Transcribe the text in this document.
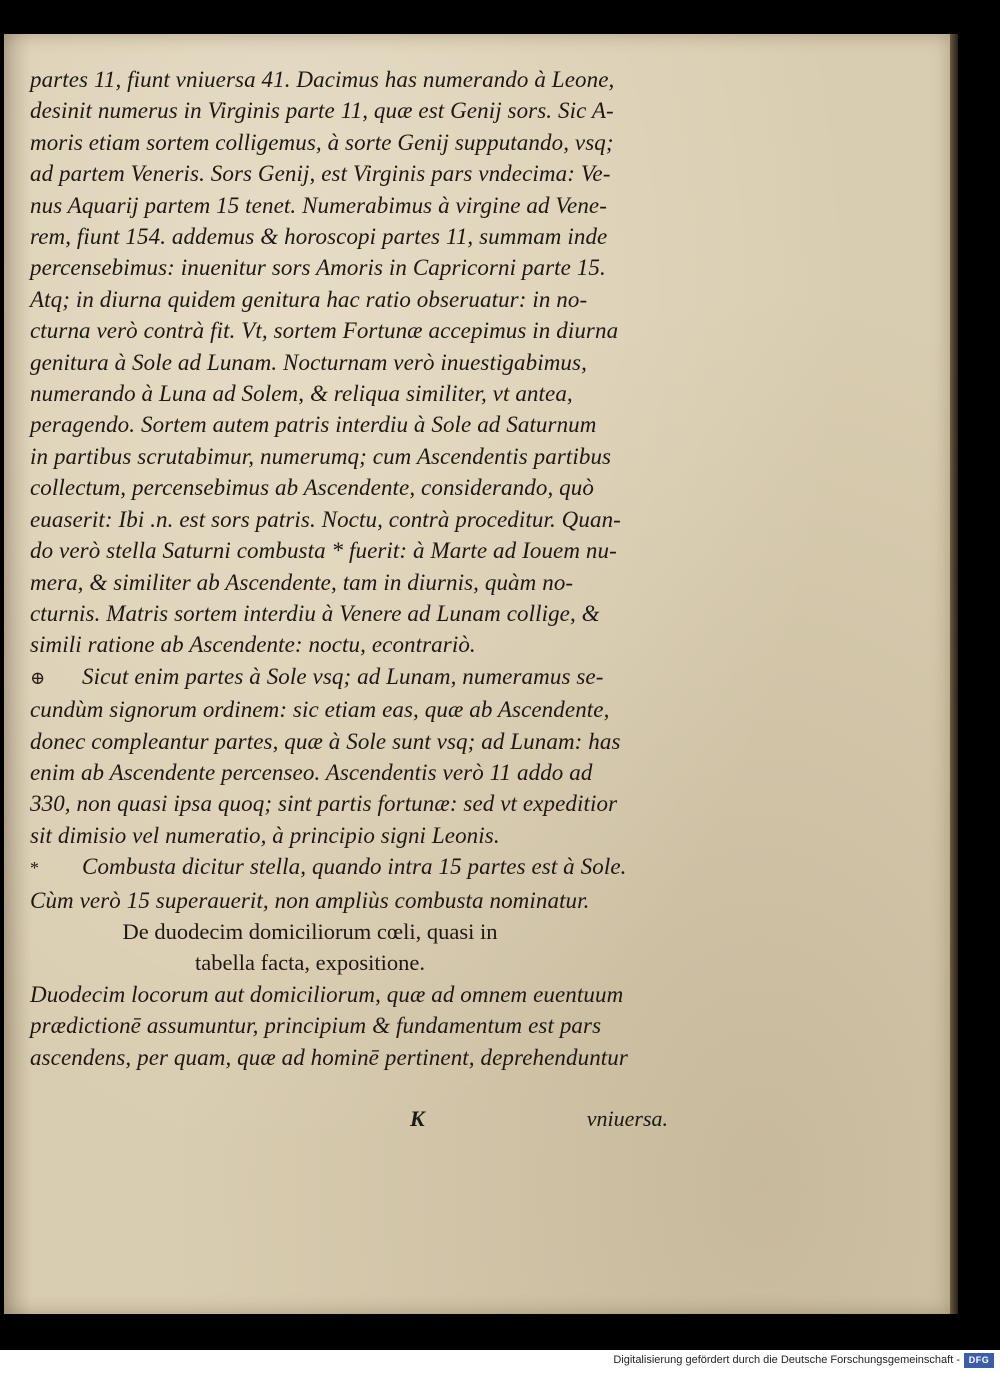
partes 11, fiunt vniuersa 41. Dacimus has numerando à Leone,
desinit numerus in Virginis parte 11, quæ est Genij sors. Sic A-
moris etiam sortem colligemus, à sorte Genij supputando, vsq;
ad partem Veneris. Sors Genij, est Virginis pars vndecima: Ve-
nus Aquarij partem 15 tenet. Numerabimus à virgine ad Vene-
rem, fiunt 154. addemus & horoscopi partes 11, summam inde
percensebimus: inuenitur sors Amoris in Capricorni parte 15.
Atq; in diurna quidem genitura hac ratio obseruatur: in no-
cturna verò contrà fit. Vt, sortem Fortunæ accepimus in diurna
genitura à Sole ad Lunam. Nocturnam verò inuestigabimus,
numerando à Luna ad Solem, & reliqua similiter, vt antea,
peragendo. Sortem autem patris interdiu à Sole ad Saturnum
in partibus scrutabimur, numerumq; cum Ascendentis partibus
collectum, percensebimus ab Ascendente, considerando, quò
euaserit: Ibi .n. est sors patris. Noctu, contrà proceditur. Quan-
do verò stella Saturni combusta * fuerit: à Marte ad Iouem nu-
mera, & similiter ab Ascendente, tam in diurnis, quàm no-
cturnis. Matris sortem interdiu à Venere ad Lunam collige, &
simili ratione ab Ascendente: noctu, econtrariò.
⊕ Sicut enim partes à Sole vsq; ad Lunam, numeramus se-
cundùm signorum ordinem: sic etiam eas, quæ ab Ascendente,
donec compleantur partes, quæ à Sole sunt vsq; ad Lunam: has
enim ab Ascendente percenseo. Ascendentis verò 11 addo ad
330, non quasi ipsa quoq; sint partis fortunæ: sed vt expeditior
sit dimisio vel numeratio, à principio signi Leonis.
* Combusta dicitur stella, quando intra 15 partes est à Sole.
Cùm verò 15 superauerit, non ampliùs combusta nominatur.
De duodecim domiciliorum cœli, quasi in
tabella facta, expositione.
Duodecim locorum aut domiciliorum, quæ ad omnem euentuum
prædictionē assumuntur, principium & fundamentum est pars
ascendens, per quam, quæ ad hominē pertinent, deprehenduntur
K	vniuersa.
Digitalisierung gefördert durch die Deutsche Forschungsgemeinschaft - DFG
